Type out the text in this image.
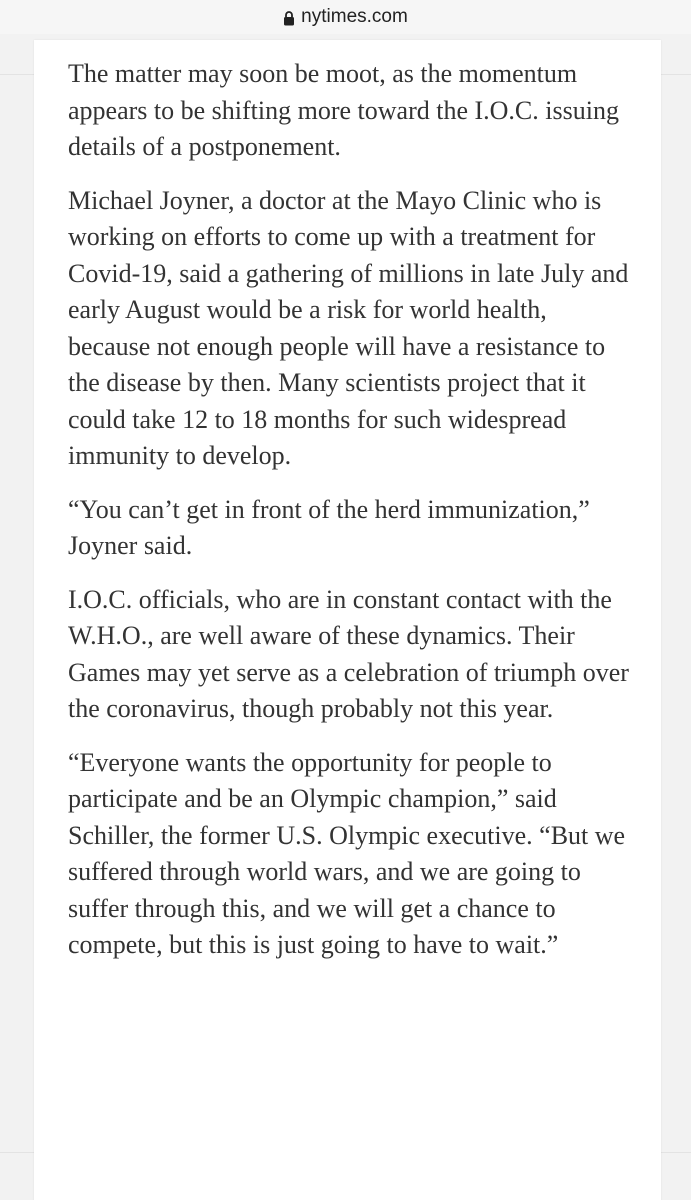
nytimes.com

The matter may soon be moot, as the momentum appears to be shifting more toward the I.O.C. issuing details of a postponement.

Michael Joyner, a doctor at the Mayo Clinic who is working on efforts to come up with a treatment for Covid-19, said a gathering of millions in late July and early August would be a risk for world health, because not enough people will have a resistance to the disease by then. Many scientists project that it could take 12 to 18 months for such widespread immunity to develop.

“You can’t get in front of the herd immunization,” Joyner said.

I.O.C. officials, who are in constant contact with the W.H.O., are well aware of these dynamics. Their Games may yet serve as a celebration of triumph over the coronavirus, though probably not this year.

“Everyone wants the opportunity for people to participate and be an Olympic champion,” said Schiller, the former U.S. Olympic executive. “But we suffered through world wars, and we are going to suffer through this, and we will get a chance to compete, but this is just going to have to wait.”
